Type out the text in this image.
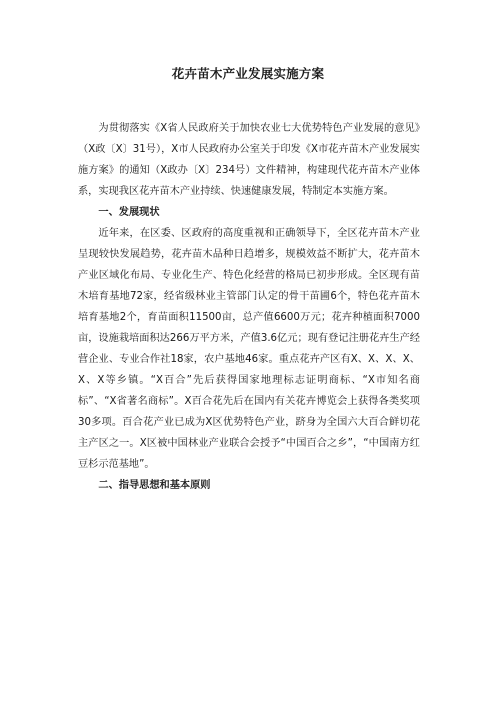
花卉苗木产业发展实施方案

为贯彻落实《X省人民政府关于加快农业七大优势特色产业发展的意见》（X政〔X〕31号），X市人民政府办公室关于印发《X市花卉苗木产业发展实施方案》的通知（X政办〔X〕234号）文件精神，构建现代花卉苗木产业体系，实现我区花卉苗木产业持续、快速健康发展，特制定本实施方案。

一、发展现状

近年来，在区委、区政府的高度重视和正确领导下，全区花卉苗木产业呈现较快发展趋势，花卉苗木品种日趋增多，规模效益不断扩大，花卉苗木产业区域化布局、专业化生产、特色化经营的格局已初步形成。全区现有苗木培育基地72家，经省级林业主管部门认定的骨干苗圃6个，特色花卉苗木培育基地2个，育苗面积11500亩，总产值6600万元；花卉种植面积7000亩，设施栽培面积达266万平方米，产值3.6亿元；现有登记注册花卉生产经营企业、专业合作社18家，农户基地46家。重点花卉产区有X、X、X、X、X、X等乡镇。“X百合”先后获得国家地理标志证明商标、“X市知名商标”、“X省著名商标”。X百合花先后在国内有关花卉博览会上获得各类奖项30多项。百合花产业已成为X区优势特色产业，跻身为全国六大百合鲜切花主产区之一。X区被中国林业产业联合会授予“中国百合之乡”，“中国南方红豆杉示范基地”。

二、指导思想和基本原则
